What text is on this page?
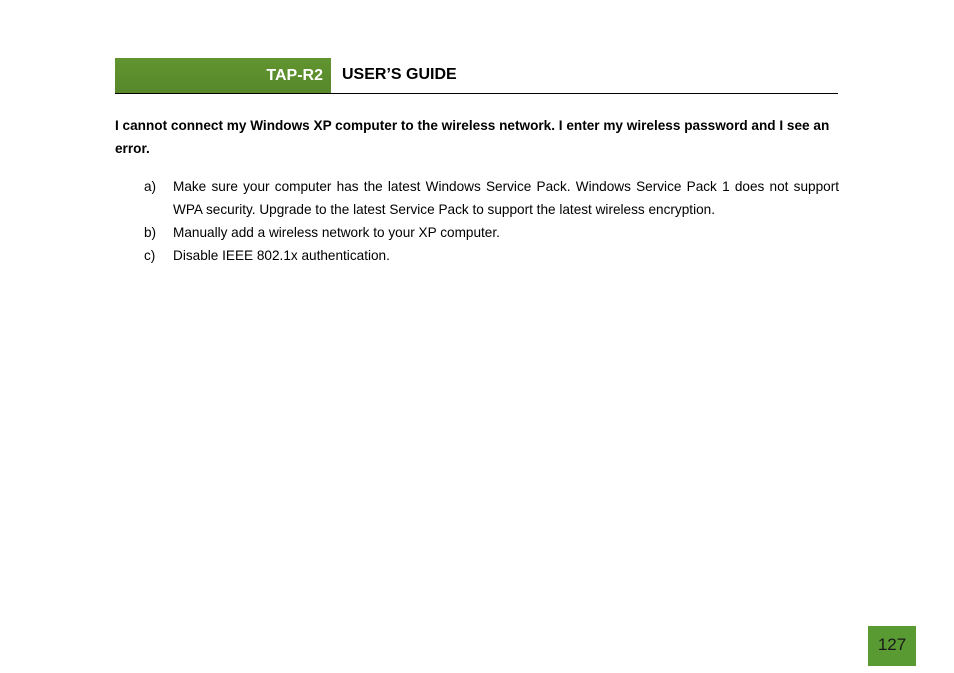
TAP-R2 USER’S GUIDE

I cannot connect my Windows XP computer to the wireless network. I enter my wireless password and I see an error.

a) Make sure your computer has the latest Windows Service Pack. Windows Service Pack 1 does not support WPA security. Upgrade to the latest Service Pack to support the latest wireless encryption.
b) Manually add a wireless network to your XP computer.
c) Disable IEEE 802.1x authentication.
127
